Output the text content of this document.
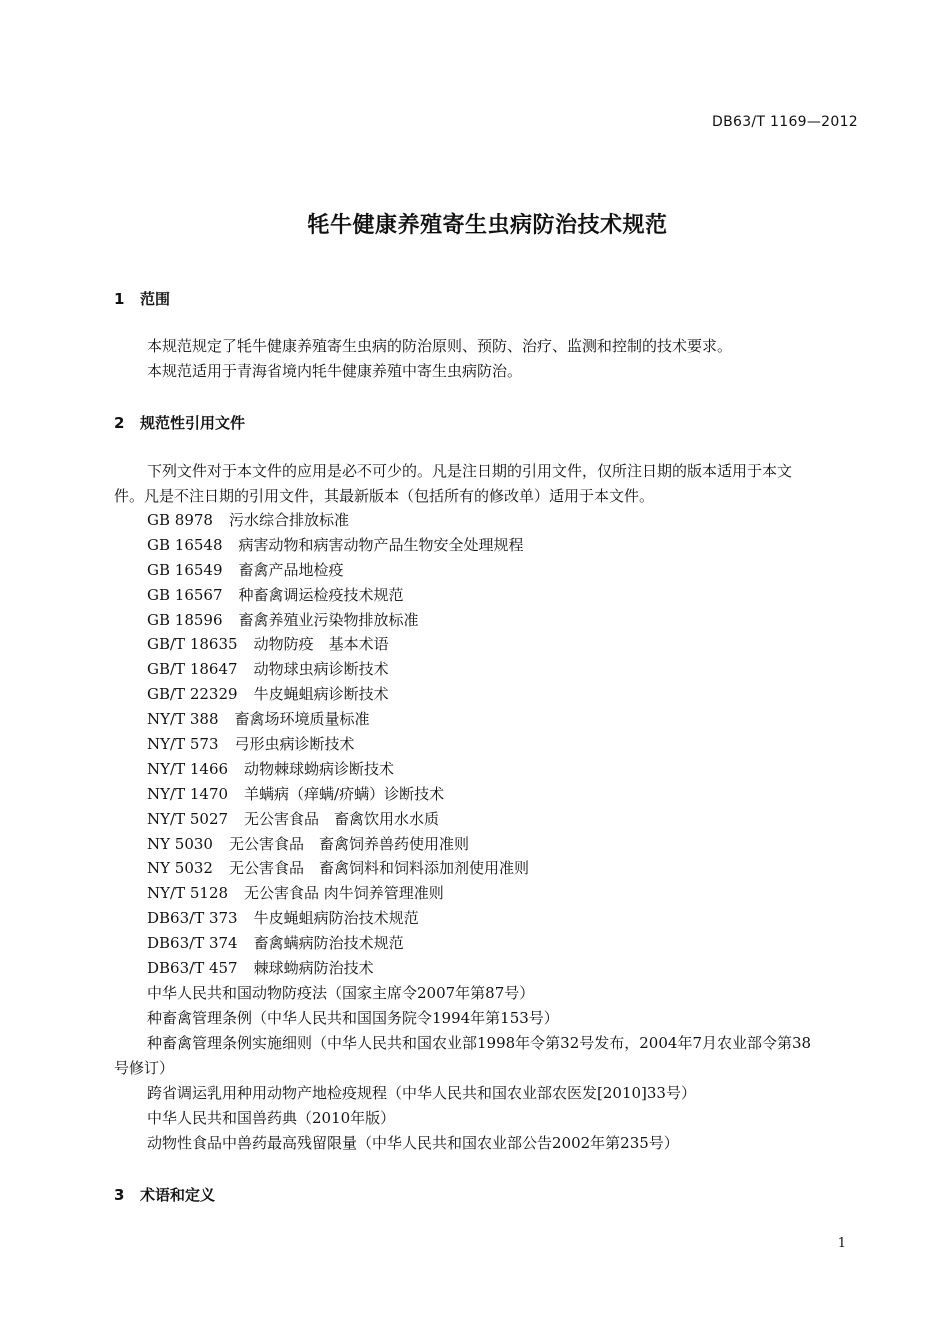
DB63/T 1169—2012
牦牛健康养殖寄生虫病防治技术规范
1 范围
本规范规定了牦牛健康养殖寄生虫病的防治原则、预防、治疗、监测和控制的技术要求。
本规范适用于青海省境内牦牛健康养殖中寄生虫病防治。
2 规范性引用文件
下列文件对于本文件的应用是必不可少的。凡是注日期的引用文件，仅所注日期的版本适用于本文
件。凡是不注日期的引用文件，其最新版本（包括所有的修改单）适用于本文件。
GB 8978 污水综合排放标准
GB 16548 病害动物和病害动物产品生物安全处理规程
GB 16549 畜禽产品地检疫
GB 16567 种畜禽调运检疫技术规范
GB 18596 畜禽养殖业污染物排放标准
GB/T 18635 动物防疫　基本术语
GB/T 18647 动物球虫病诊断技术
GB/T 22329 牛皮蝇蛆病诊断技术
NY/T 388 畜禽场环境质量标准
NY/T 573 弓形虫病诊断技术
NY/T 1466 动物棘球蚴病诊断技术
NY/T 1470 羊螨病（痒螨/疥螨）诊断技术
NY/T 5027 无公害食品　畜禽饮用水水质
NY 5030 无公害食品　畜禽饲养兽药使用准则
NY 5032 无公害食品　畜禽饲料和饲料添加剂使用准则
NY/T 5128 无公害食品 肉牛饲养管理准则
DB63/T 373 牛皮蝇蛆病防治技术规范
DB63/T 374 畜禽螨病防治技术规范
DB63/T 457 棘球蚴病防治技术
中华人民共和国动物防疫法（国家主席令2007年第87号）
种畜禽管理条例（中华人民共和国国务院令1994年第153号）
种畜禽管理条例实施细则（中华人民共和国农业部1998年令第32号发布，2004年7月农业部令第38
号修订）
跨省调运乳用种用动物产地检疫规程（中华人民共和国农业部农医发[2010]33号）
中华人民共和国兽药典（2010年版）
动物性食品中兽药最高残留限量（中华人民共和国农业部公告2002年第235号）
3 术语和定义
1
